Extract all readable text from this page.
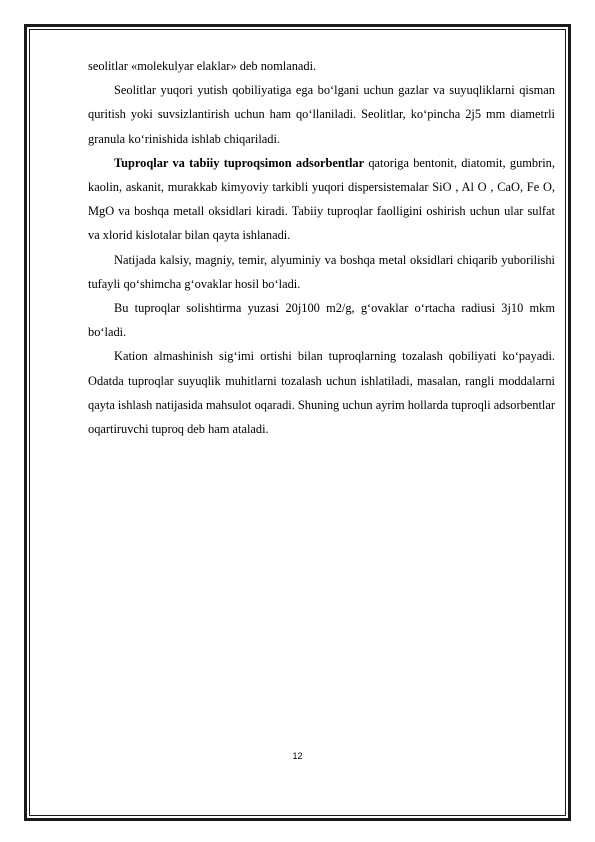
seolitlar «molekulyar elaklar» deb nomlanadi.

Seolitlar yuqori yutish qobiliyatiga ega bo‘lgani uchun gazlar va suyuqliklarni qisman quritish yoki suvsizlantirish uchun ham qo‘llaniladi. Seolitlar, ko‘pincha 2j5 mm diametrli granula ko‘rinishida ishlab chiqariladi.

Tuproqlar va tabiiy tuproqsimon adsorbentlar qatoriga bentonit, diatomit, gumbrin, kaolin, askanit, murakkab kimyoviy tarkibli yuqori dispersistemalar SiO , Al O , CaO, Fe O, MgO va boshqa metall oksidlari kiradi. Tabiiy tuproqlar faolligini oshirish uchun ular sulfat va xlorid kislotalar bilan qayta ishlanadi.

Natijada kalsiy, magniy, temir, alyuminiy va boshqa metal oksidlari chiqarib yuborilishi tufayli qo‘shimcha g‘ovaklar hosil bo‘ladi.

Bu tuproqlar solishtirma yuzasi 20j100 m2/g, g‘ovaklar o‘rtacha radiusi 3j10 mkm bo‘ladi.

Kation almashinish sig‘imi ortishi bilan tuproqlarning tozalash qobiliyati ko‘payadi. Odatda tuproqlar suyuqlik muhitlarni tozalash uchun ishlatiladi, masalan, rangli moddalarni qayta ishlash natijasida mahsulot oqaradi. Shuning uchun ayrim hollarda tuproqli adsorbentlar oqartiruvchi tuproq deb ham ataladi.

12
